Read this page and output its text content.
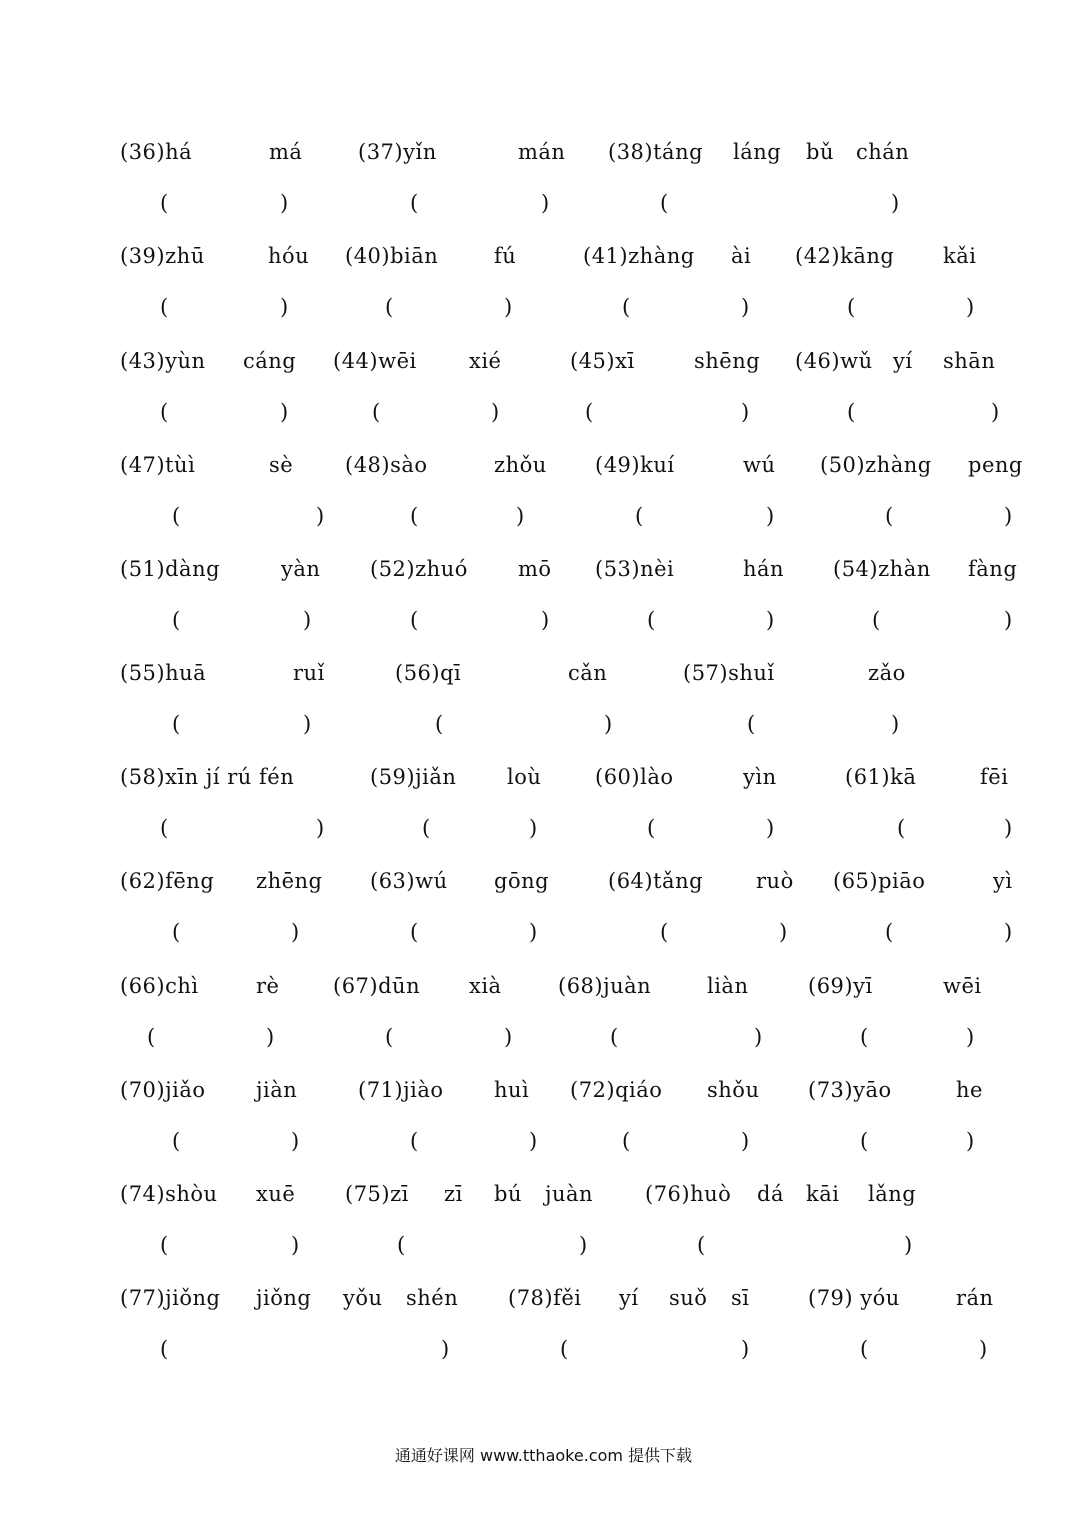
(36)há	má	(37)yǐn	mán (38)táng láng bǔ chán
(	)	(	)	(	)
(39)zhū	hóu (40)biān	fú	(41)zhàng ài (42)kāng kǎi
(	)	(	)	(	)	(	)
(43)yùn cáng (44)wēi xié	(45)xī	shēng (46)wǔ yí shān
(	)	(	)	(	)	(	)
(47)tùì	sè (48)sào	zhǒu (49)kuí	wú (50)zhàng peng
(	)	(	)	(	)	(	)
(51)dàng	yàn (52)zhuó mō (53)nèi	hán (54)zhàn fàng
(	)	(	)	(	)	(	)
(55)huā	ruǐ	(56)qī	cǎn	(57)shuǐ	zǎo
(	)	(	)	(	)
(58)xīn jí rú fén	(59)jiǎn loù	(60)lào	yìn	(61)kā	fēi
(	)	(	)	(	)	(	)
(62)fēng zhēng (63)wú gōng	(64)tǎng	ruò (65)piāo	yì
(	)	(	)	(	)	(	)
(66)chì	rè	(67)dūn xià	(68)juàn	liàn	(69)yī	wēi
(	)	(	)	(	)	(	)
(70)jiǎo jiàn	(71)jiào huì (72)qiáo shǒu (73)yāo	he
(	)	(	)	(	)	(	)
(74)shòu xuē (75)zī zī bú juàn (76)huò dá kāi lǎng
(	)	(	)	(	)
(77)jiǒng jiǒng yǒu shén (78)fěi yí suǒ sī	(79) yóu	rán
(	)	(	)	(	)
通通好课网 www.tthaoke.com 提供下载
